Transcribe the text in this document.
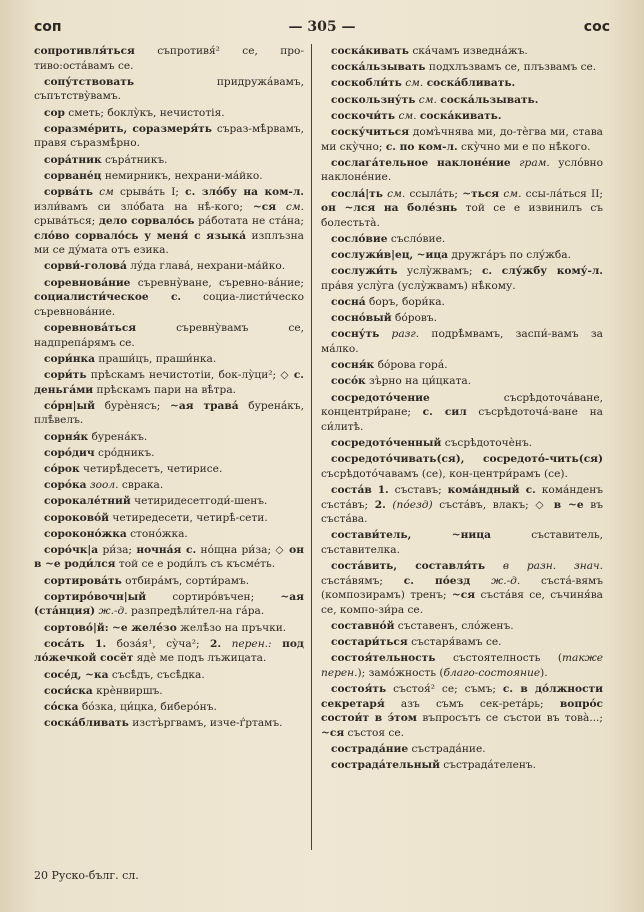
соп	— 305 —	сос

сопротивля́ться съпротивя́² се, про-тиво:оста́вамъ се.

сопу́тствовать придружа́вамъ, съпътству̀вамъ.

сор сметь; боклу̀къ, нечистотія.

соразме́рить, соразмеря́ть съраз-мѣ̀рвамъ, правя съразмѣ̀рно.

сора́тник съра́тникъ.

сорване́ц немирникъ, нехрани-ма́йко.

сорва́ть см срыва́ть I; с. зло́бу на ком-л. изли́вамъ си зло́бата на нѣ̀-кого; ~ся см. срыва́ться; дело сорвало́сь ра́ботата не ста́на; сло́во сорвало́сь у меня́ с языка́ изплъзна ми се ду́мата отъ езика.

сорви́-голова́ лу́да глава́, нехрани-ма́йко.

соревнова́ние съревну̀ване, съревно-ва́ние; социалисти́ческое с. социа-листи́ческо съревнова́ние.

соревнова́ться съревну̀вамъ се, надпрепа́рямъ се.

сори́нка праши́цъ, праши́нка.

сори́ть прѣскамъ нечистотіи, бок-лу̀ци²; ◇ с. деньга́ми прѣскамъ пари на вѣ̀тра.

со́рн|ый бурѐнясъ; ~ая трава́ бурена́къ, плѣ̀велъ.

сорня́к бурена́къ.

соро́дич сро́дникъ.

со́рок четирѣ̀десетъ, четирисе.

соро́ка зоол. сврака.

сорокале́тний четиридесетгоди́-шенъ.

сороково́й четиредесети, четирѣ̀-сети.

сороконо́жка стоно́жка.

соро́чк|а ри́за; ночна́я с. но́щна ри́за; ◇ он в ~е роди́лся той се е роди́лъ съ късме́ть.

сортирова́ть отбира́мъ, сорти́рамъ.

сортиро́вочн|ый сортиро́въчен; ~ая (ста́нция) ж.-д. разпредѣли́тел-на га́ра.

сортово́|й: ~е желе́зо желѣ̀зо на пръчки.

соса́ть 1. боза́я¹, су̀ча²; 2. перен.: под ло́жечкой сосёт ядѐ ме подъ лъжицата.

сосе́д, ~ка съсѣ̀дъ, съсѣ̀дка.

соси́ска крѐнвиршъ.

со́ска бо́зка, ци́цка, биберо́нъ.

соска́бливать изстъ̀ргвамъ, изче-ґ́ртамъ.

соска́кивать ска́чамъ изведна́жъ.

соска́льзывать подхлъзвамъ се, плъзвамъ се.

соскобли́ть см. соска́бливать.

соскользну́ть см. соска́льзывать.

соскочи́ть см. соска́кивать.

соску́читься домъ̀чнява ми, до-тѐгва ми, става ми ску̀чно; с. по ком-л. ску̀чно ми е по нѣ̀кого.

сослага́тельное наклоне́ние грам. усло́вно наклоне́ние.

сосла́|ть см. ссыла́ть; ~ться см. ссы-ла́ться II; он ~лся на боле́знь той се е извинилъ съ болестьта̀.

сосло́вие съсло́вие.

сослужи́в|ец, ~ица дружга́ръ по слу́жба.

сослужи́ть услу̀жвамъ; с. слу́жбу кому́-л. пра́вя услу̀га (услу̀жвамъ) нѣ̀кому.

сосна́ боръ, бори́ка.

сосно́вый бо́ровъ.

сосну́ть разг. подрѣ̀мвамъ, заспи́-вамъ за ма́лко.

сосня́к бо́рова гора́.

сосо́к зъ̀рно на ци́цката.

сосредото́чение съсрѣдоточа́ване, концентри́ране; с. сил съсрѣдоточа́-ване на си́литѣ.

сосредото́ченный съсрѣдоточѐнъ.

сосредото́чивать(ся), сосредото́-чить(ся) съсрѣдото́чавамъ (се), кон-центри́рамъ (се).

соста́в 1. съставъ; кома́ндный с. кома́нденъ съста́въ; 2. (по́езд) съста́въ, влакъ; ◇ в ~е въ съста́ва.

состави́тель, ~ница съставитель, съставителка.

соста́вить, составля́ть в разн. знач. съста́вямъ; с. по́езд ж.-д. съста́-вямъ (композирамъ) тренъ; ~ся съста́вя се, съчиня́ва се, компо-зи́ра се.

составно́й съставенъ, сло́женъ.

состари́ться състаря́вамъ се.

состоя́тельность състоятелность (также перен.); замо́жность (благо-состояние).

состоя́ть състоя́² се; съмъ; с. в до́лжности секретаря́ азъ съмъ сек-рета́рь; вопро́с состои́т в э́том въпросътъ се състои въ това̀...; ~ся състоя се.

сострада́ние състрада́ние.

сострада́тельный състрада́теленъ.

20 Руско-бълг. сл.
